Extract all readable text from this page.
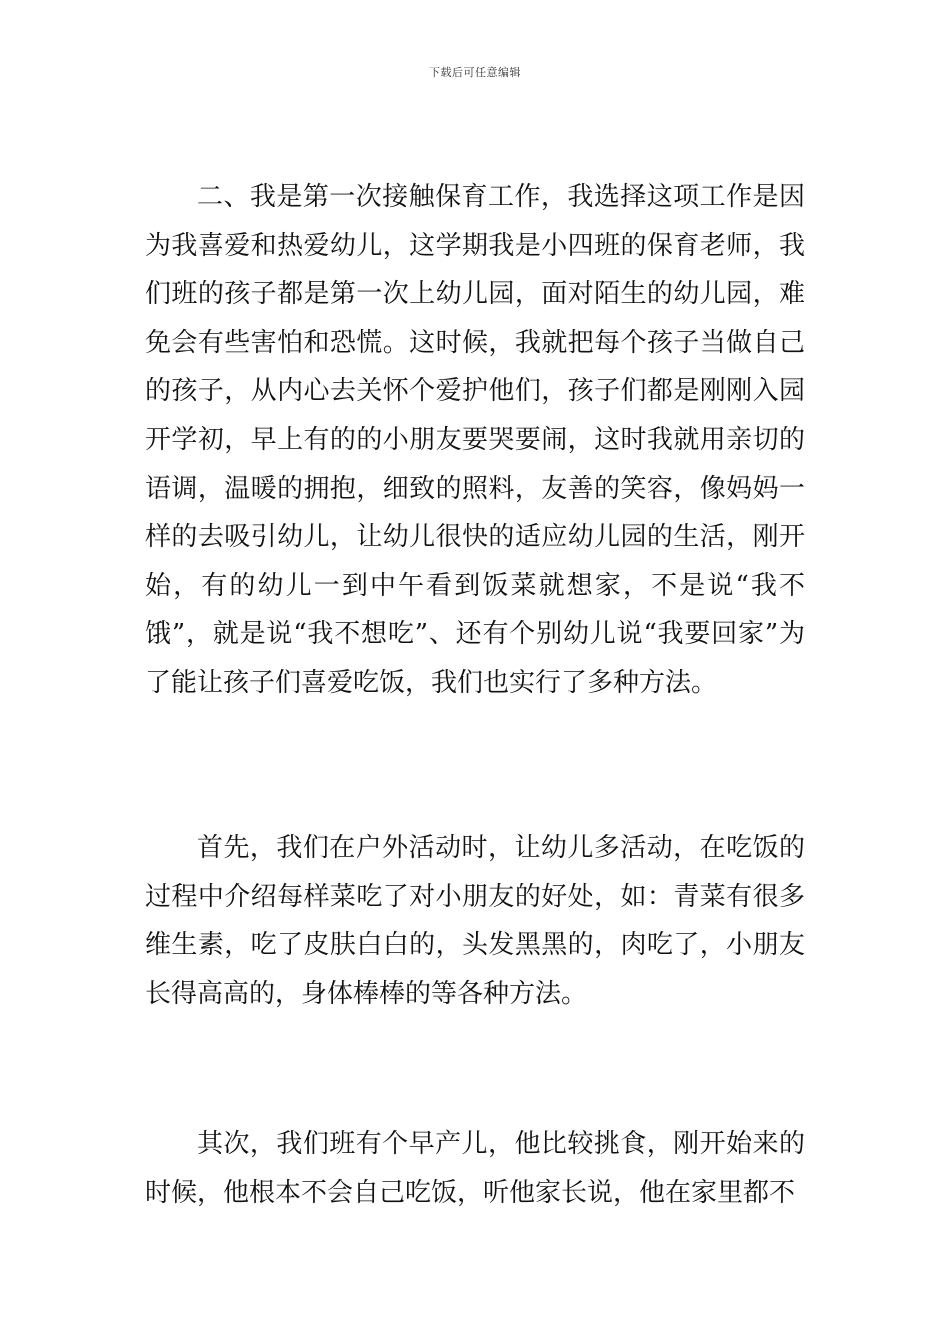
下载后可任意编辑

二、我是第一次接触保育工作，我选择这项工作是因为我喜爱和热爱幼儿，这学期我是小四班的保育老师，我们班的孩子都是第一次上幼儿园，面对陌生的幼儿园，难免会有些害怕和恐慌。这时候，我就把每个孩子当做自己的孩子，从内心去关怀个爱护他们，孩子们都是刚刚入园开学初，早上有的的小朋友要哭要闹，这时我就用亲切的语调，温暖的拥抱，细致的照料，友善的笑容，像妈妈一样的去吸引幼儿，让幼儿很快的适应幼儿园的生活，刚开始，有的幼儿一到中午看到饭菜就想家，不是说“我不饿”，就是说“我不想吃”、还有个别幼儿说“我要回家”为了能让孩子们喜爱吃饭，我们也实行了多种方法。

首先，我们在户外活动时，让幼儿多活动，在吃饭的过程中介绍每样菜吃了对小朋友的好处，如：青菜有很多维生素，吃了皮肤白白的，头发黑黑的，肉吃了，小朋友长得高高的，身体棒棒的等各种方法。

其次，我们班有个早产儿，他比较挑食，刚开始来的时候，他根本不会自己吃饭，听他家长说，他在家里都不
